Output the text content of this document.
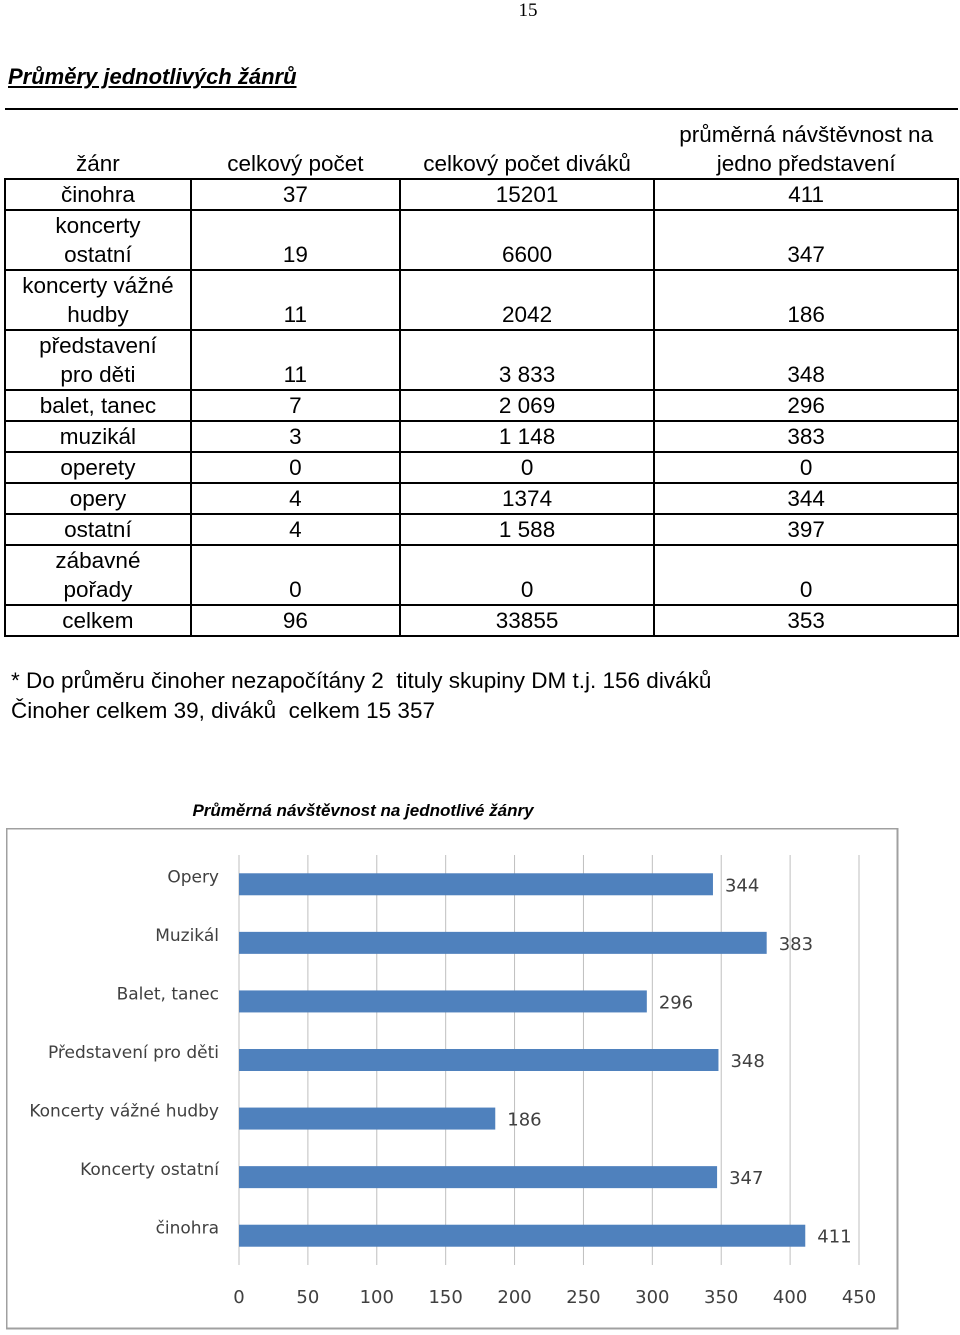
15
Průměry jednotlivých žánrů
žánr	celkový počet	celkový počet diváků	průměrná návštěvnost na jedno představení
činohra	37	15201	411
koncerty ostatní	19	6600	347
koncerty vážné hudby	11	2042	186
představení pro děti	11	3 833	348
balet, tanec	7	2 069	296
muzikál	3	1 148	383
operety	0	0	0
opery	4	1374	344
ostatní	4	1 588	397
zábavné pořady	0	0	0
celkem	96	33855	353
* Do průměru činoher nezapočítány 2  tituly skupiny DM t.j. 156 diváků
Činoher celkem 39, diváků  celkem 15 357
Průměrná návštěvnost na jednotlivé žánry
Opery
Muzikál
Balet, tanec
Představení pro děti
Koncerty vážné hudby
Koncerty ostatní
činohra
344
383
296
348
186
347
411
0	50 100 150 200 250 300 350 400 450
